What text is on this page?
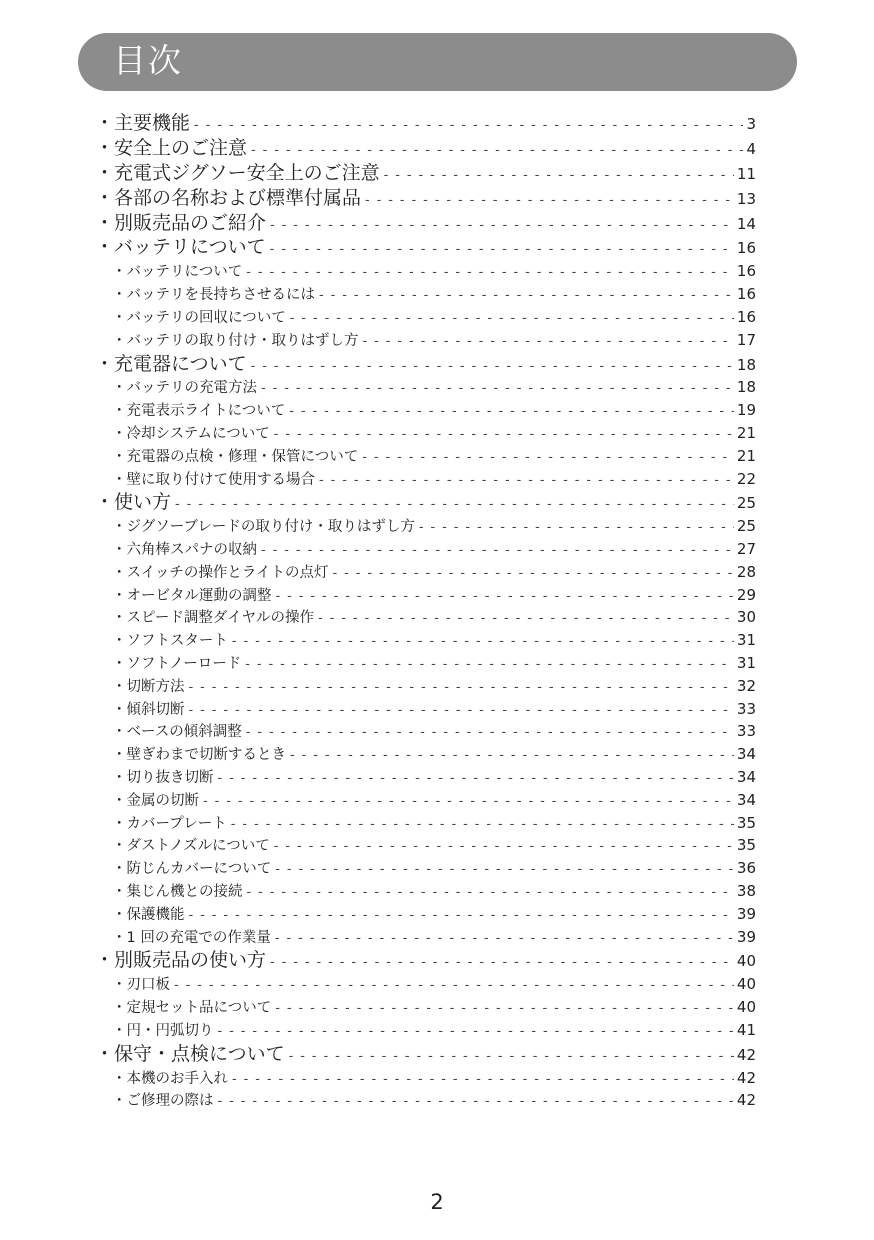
目次
・主要機能 - - -	3
・安全上のご注意 - - -	4
・充電式ジグソー安全上のご注意 - - -	11
・各部の名称および標準付属品 - - -	13
・別販売品のご紹介 - - -	14
・バッテリについて - - -	16
・バッテリについて - - -	16
・バッテリを長持ちさせるには - - -	16
・バッテリの回収について - - -	16
・バッテリの取り付け・取りはずし方 - - -	17
・充電器について - - -	18
・バッテリの充電方法 - - -	18
・充電表示ライトについて - - -	19
・冷却システムについて - - -	21
・充電器の点検・修理・保管について - - -	21
・壁に取り付けて使用する場合 - - -	22
・使い方 - - -	25
・ジグソーブレードの取り付け・取りはずし方 - - -	25
・六角棒スパナの収納 - - -	27
・スイッチの操作とライトの点灯 - - -	28
・オービタル運動の調整 - - -	29
・スピード調整ダイヤルの操作 - - -	30
・ソフトスタート - - -	31
・ソフトノーロード - - -	31
・切断方法 - - -	32
・傾斜切断 - - -	33
・ベースの傾斜調整 - - -	33
・壁ぎわまで切断するとき - - -	34
・切り抜き切断 - - -	34
・金属の切断 - - -	34
・カバープレート - - -	35
・ダストノズルについて - - -	35
・防じんカバーについて - - -	36
・集じん機との接続 - - -	38
・保護機能 - - -	39
・1 回の充電での作業量 - - -	39
・別販売品の使い方 - - -	40
・刃口板 - - -	40
・定規セット品について - - -	40
・円・円弧切り - - -	41
・保守・点検について - - -	42
・本機のお手入れ - - -	42
・ご修理の際は - - -	42
2
